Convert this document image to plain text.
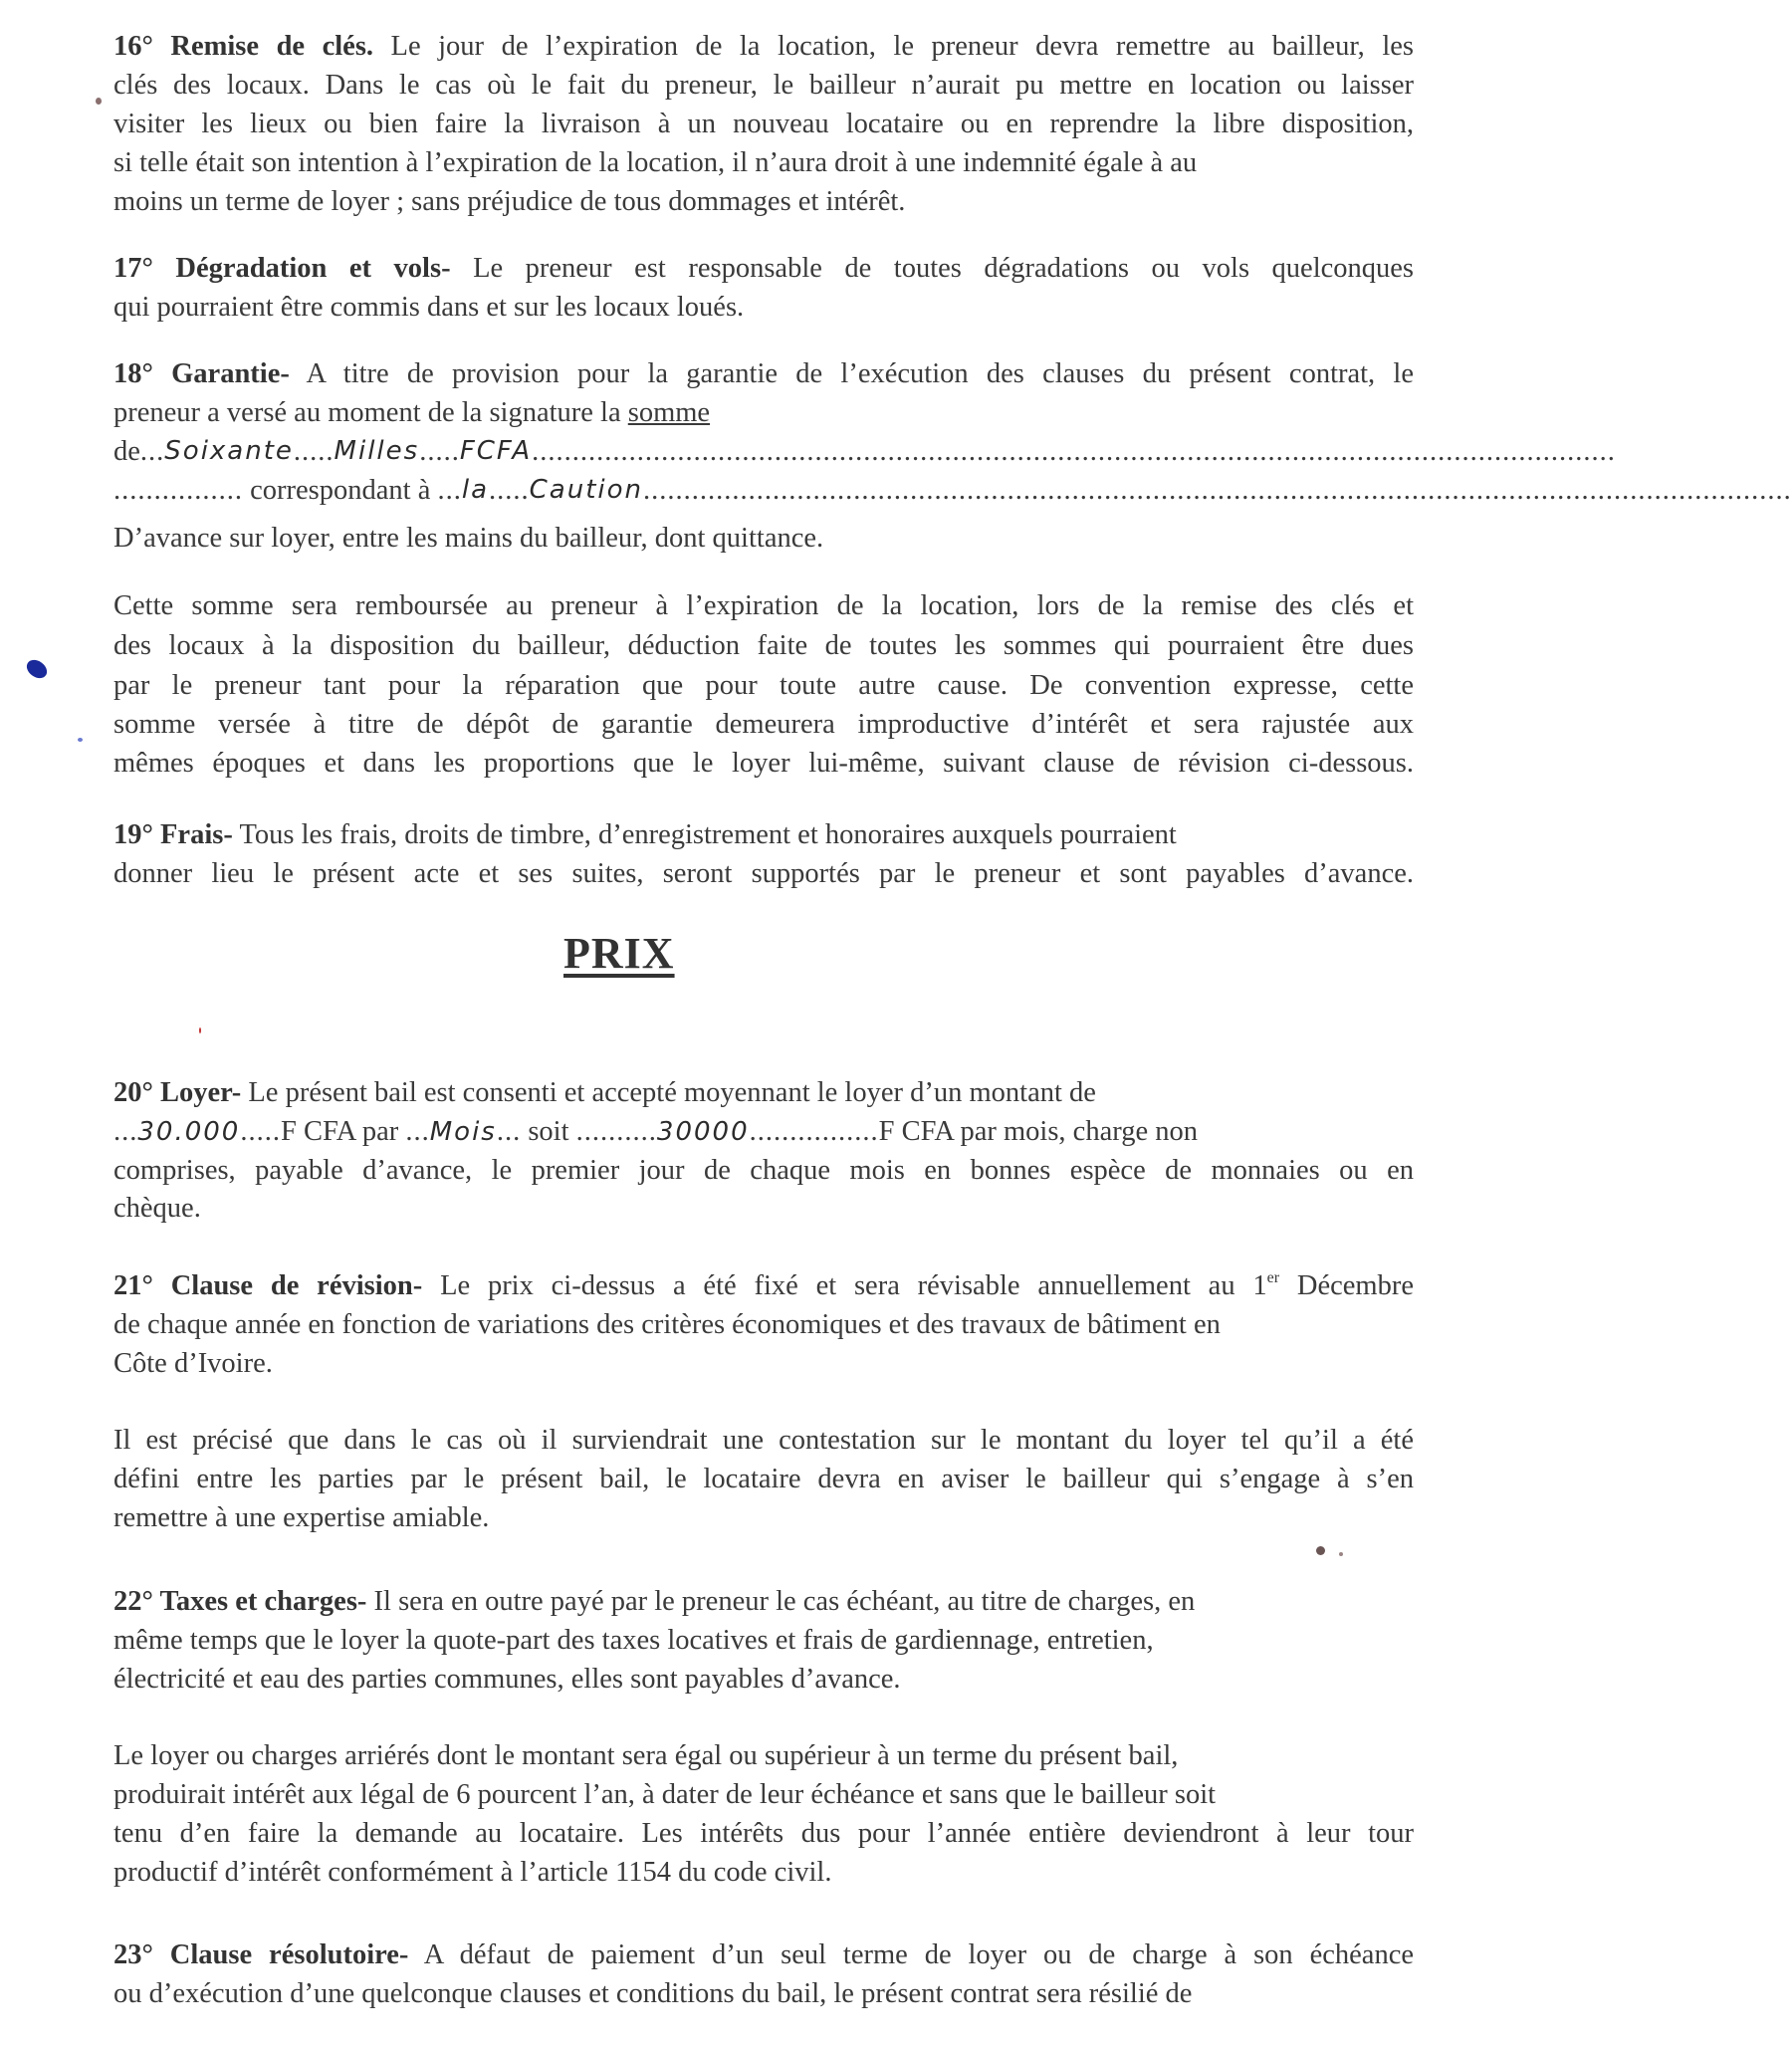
16° Remise de clés. Le jour de l’expiration de la location, le preneur devra remettre au bailleur, les
clés des locaux. Dans le cas où le fait du preneur, le bailleur n’aurait pu mettre en location ou laisser
visiter les lieux ou bien faire la livraison à un nouveau locataire ou en reprendre la libre disposition,
si telle était son intention à l’expiration de la location, il n’aura droit à une indemnité égale à au
moins un terme de loyer ; sans préjudice de tous dommages et intérêt.
17° Dégradation et vols- Le preneur est responsable de toutes dégradations ou vols quelconques
qui pourraient être commis dans et sur les locaux loués.
18° Garantie- A titre de provision pour la garantie de l’exécution des clauses du présent contrat, le
preneur a versé au moment de la signature la somme
de ... Soixante ..... Milles ..... FCFA ......................................................................................................................................
................ correspondant à ... la ..... Caution ..............................................................................................................................................
D’avance sur loyer, entre les mains du bailleur, dont quittance.
Cette somme sera remboursée au preneur à l’expiration de la location, lors de la remise des clés et
des locaux à la disposition du bailleur, déduction faite de toutes les sommes qui pourraient être dues
par le preneur tant pour la réparation que pour toute autre cause. De convention expresse, cette
somme versée à titre de dépôt de garantie demeurera improductive d’intérêt et sera rajustée aux
mêmes époques et dans les proportions que le loyer lui-même, suivant clause de révision ci-dessous.
19° Frais- Tous les frais, droits de timbre, d’enregistrement et honoraires auxquels pourraient
donner lieu le présent acte et ses suites, seront supportés par le preneur et sont payables d’avance.
PRIX
20° Loyer- Le présent bail est consenti et accepté moyennant le loyer d’un montant de
...30.000.....F CFA par ...Mois... soit ..........30000................F CFA par mois, charge non
comprises, payable d’avance, le premier jour de chaque mois en bonnes espèce de monnaies ou en
chèque.
21° Clause de révision- Le prix ci-dessus a été fixé et sera révisable annuellement au 1er Décembre
de chaque année en fonction de variations des critères économiques et des travaux de bâtiment en
Côte d’Ivoire.
Il est précisé que dans le cas où il surviendrait une contestation sur le montant du loyer tel qu’il a été
défini entre les parties par le présent bail, le locataire devra en aviser le bailleur qui s’engage à s’en
remettre à une expertise amiable.
22° Taxes et charges- Il sera en outre payé par le preneur le cas échéant, au titre de charges, en
même temps que le loyer la quote-part des taxes locatives et frais de gardiennage, entretien,
électricité et eau des parties communes, elles sont payables d’avance.
Le loyer ou charges arriérés dont le montant sera égal ou supérieur à un terme du présent bail,
produirait intérêt aux légal de 6 pourcent l’an, à dater de leur échéance et sans que le bailleur soit
tenu d’en faire la demande au locataire. Les intérêts dus pour l’année entière deviendront à leur tour
productif d’intérêt conformément à l’article 1154 du code civil.
23° Clause résolutoire- A défaut de paiement d’un seul terme de loyer ou de charge à son échéance
ou d’exécution d’une quelconque clauses et conditions du bail, le présent contrat sera résilié de
